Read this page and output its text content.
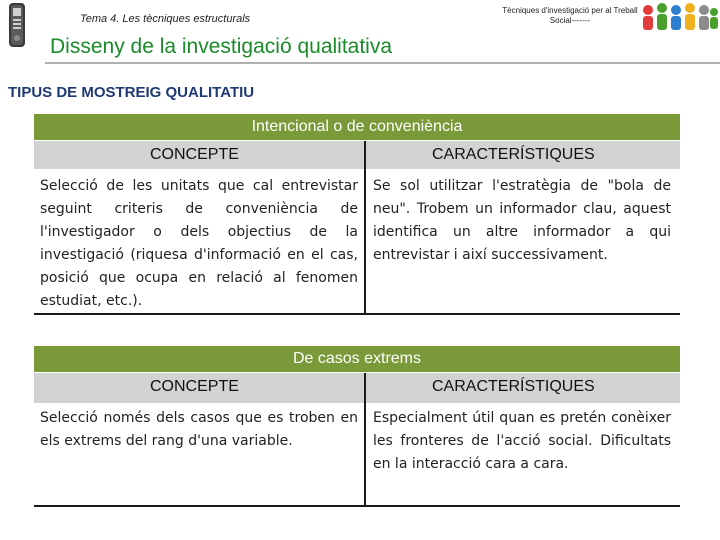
Tema 4. Les tècniques estructurals
Tècniques d'investigació per al Treball Social-------
Disseny de la investigació qualitativa
TIPUS DE MOSTREIG QUALITATIU
Intencional o de conveniència
CONCEPTE	CARACTERÍSTIQUES
Selecció de les unitats que cal entrevistar seguint criteris de conveniència de l'investigador o dels objectius de la investigació (riquesa d'informació en el cas, posició que ocupa en relació al fenomen estudiat, etc.).
Se sol utilitzar l'estratègia de "bola de neu". Trobem un informador clau, aquest identifica un altre informador a qui entrevistar i així successivament.
De casos extrems
CONCEPTE	CARACTERÍSTIQUES
Selecció només dels casos que es troben en els extrems del rang d'una variable.
Especialment útil quan es pretén conèixer les fronteres de l'acció social. Dificultats en la interacció cara a cara.
